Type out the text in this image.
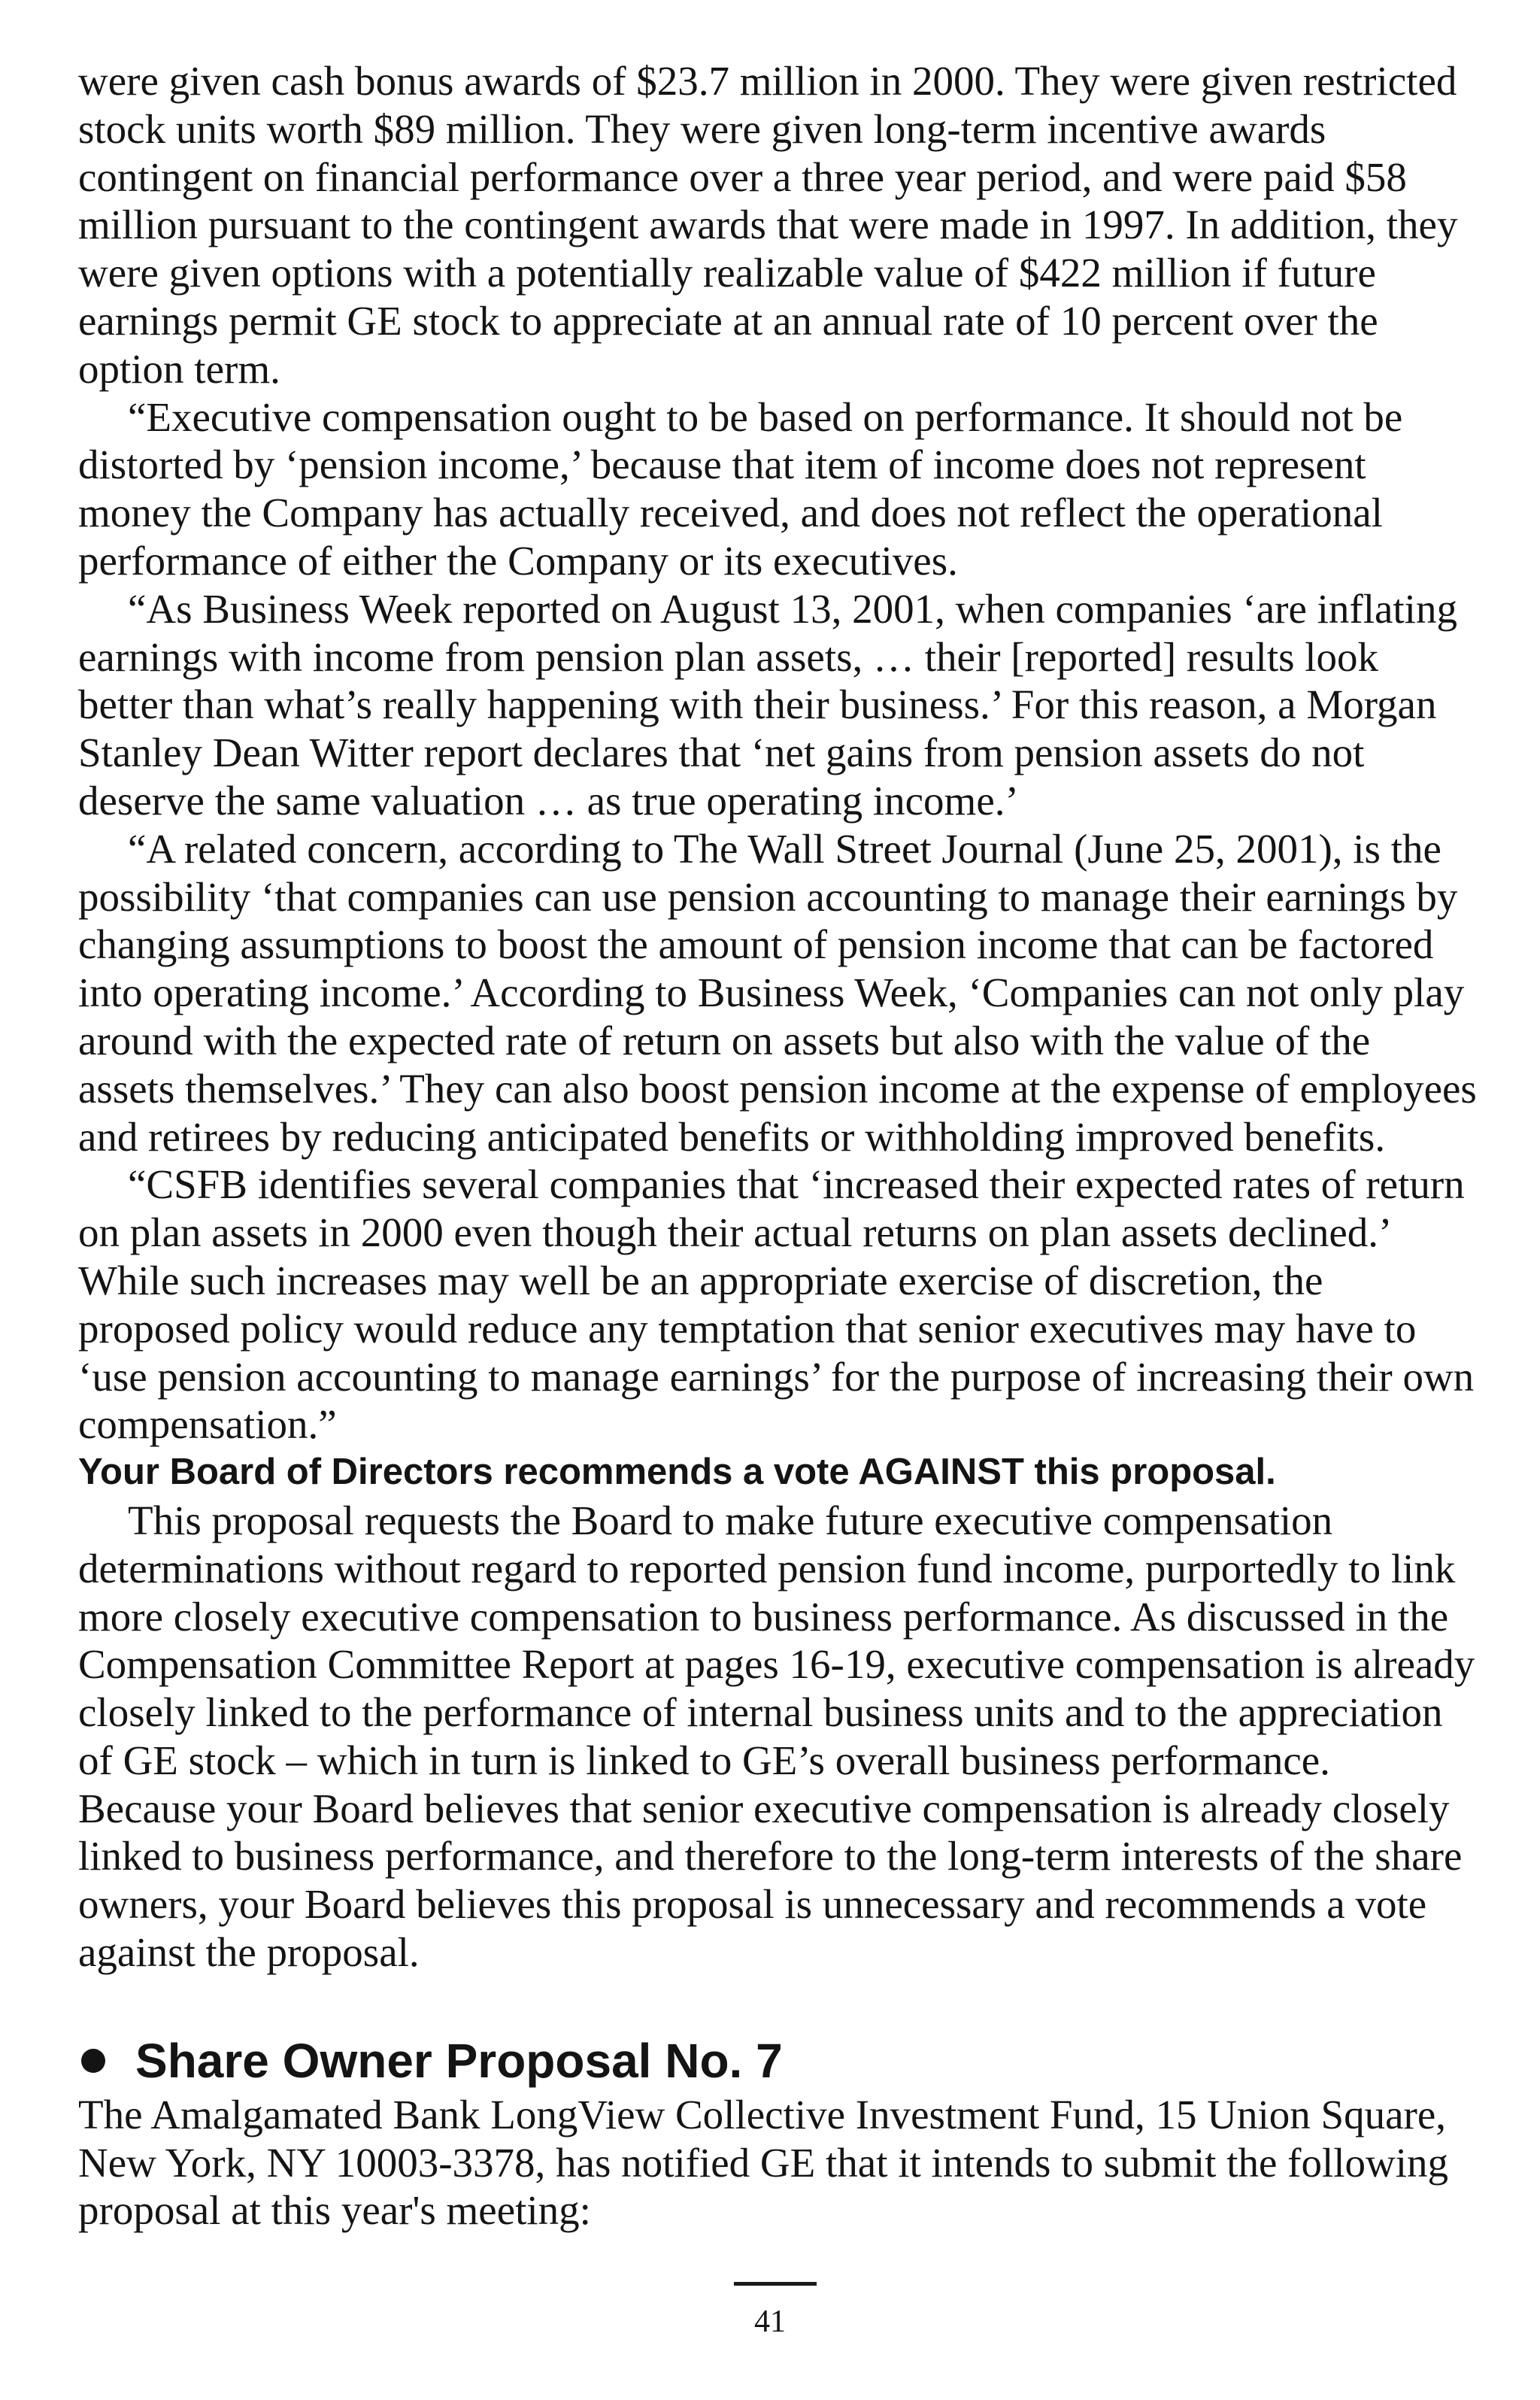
were given cash bonus awards of $23.7 million in 2000. They were given restricted stock units worth $89 million. They were given long-term incentive awards contingent on financial performance over a three year period, and were paid $58 million pursuant to the contingent awards that were made in 1997. In addition, they were given options with a potentially realizable value of $422 million if future earnings permit GE stock to appreciate at an annual rate of 10 percent over the option term.

“Executive compensation ought to be based on performance. It should not be distorted by ‘pension income,’ because that item of income does not represent money the Company has actually received, and does not reflect the operational performance of either the Company or its executives.

“As Business Week reported on August 13, 2001, when companies ‘are inflating earnings with income from pension plan assets, … their [reported] results look better than what’s really happening with their business.’ For this reason, a Morgan Stanley Dean Witter report declares that ‘net gains from pension assets do not deserve the same valuation … as true operating income.’

“A related concern, according to The Wall Street Journal (June 25, 2001), is the possibility ‘that companies can use pension accounting to manage their earnings by changing assumptions to boost the amount of pension income that can be factored into operating income.’ According to Business Week, ‘Companies can not only play around with the expected rate of return on assets but also with the value of the assets themselves.’ They can also boost pension income at the expense of employees and retirees by reducing anticipated benefits or withholding improved benefits.

“CSFB identifies several companies that ‘increased their expected rates of return on plan assets in 2000 even though their actual returns on plan assets declined.’ While such increases may well be an appropriate exercise of discretion, the proposed policy would reduce any temptation that senior executives may have to ‘use pension accounting to manage earnings’ for the purpose of increasing their own compensation.”

Your Board of Directors recommends a vote AGAINST this proposal.

This proposal requests the Board to make future executive compensation determinations without regard to reported pension fund income, purportedly to link more closely executive compensation to business performance. As discussed in the Compensation Committee Report at pages 16-19, executive compensation is already closely linked to the performance of internal business units and to the appreciation of GE stock – which in turn is linked to GE’s overall business performance. Because your Board believes that senior executive compensation is already closely linked to business performance, and therefore to the long-term interests of the share owners, your Board believes this proposal is unnecessary and recommends a vote against the proposal.

Share Owner Proposal No. 7

The Amalgamated Bank LongView Collective Investment Fund, 15 Union Square, New York, NY 10003-3378, has notified GE that it intends to submit the following proposal at this year's meeting:

41
